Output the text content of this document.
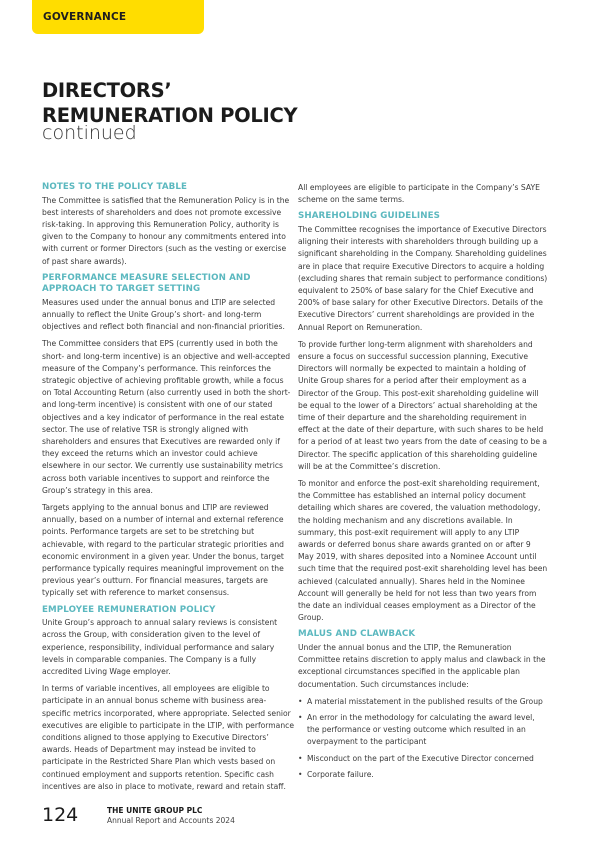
GOVERNANCE
DIRECTORS’
REMUNERATION POLICY
continued
NOTES TO THE POLICY TABLE

The Committee is satisfied that the Remuneration Policy is in the best interests of shareholders and does not promote excessive risk-taking. In approving this Remuneration Policy, authority is given to the Company to honour any commitments entered into with current or former Directors (such as the vesting or exercise of past share awards).

PERFORMANCE MEASURE SELECTION AND APPROACH TO TARGET SETTING

Measures used under the annual bonus and LTIP are selected annually to reflect the Unite Group’s short- and long-term objectives and reflect both financial and non-financial priorities.

The Committee considers that EPS (currently used in both the short- and long-term incentive) is an objective and well-accepted measure of the Company’s performance. This reinforces the strategic objective of achieving profitable growth, while a focus on Total Accounting Return (also currently used in both the short- and long-term incentive) is consistent with one of our stated objectives and a key indicator of performance in the real estate sector. The use of relative TSR is strongly aligned with shareholders and ensures that Executives are rewarded only if they exceed the returns which an investor could achieve elsewhere in our sector. We currently use sustainability metrics across both variable incentives to support and reinforce the Group’s strategy in this area.

Targets applying to the annual bonus and LTIP are reviewed annually, based on a number of internal and external reference points. Performance targets are set to be stretching but achievable, with regard to the particular strategic priorities and economic environment in a given year. Under the bonus, target performance typically requires meaningful improvement on the previous year’s outturn. For financial measures, targets are typically set with reference to market consensus.

EMPLOYEE REMUNERATION POLICY

Unite Group’s approach to annual salary reviews is consistent across the Group, with consideration given to the level of experience, responsibility, individual performance and salary levels in comparable companies. The Company is a fully accredited Living Wage employer.

In terms of variable incentives, all employees are eligible to participate in an annual bonus scheme with business area-specific metrics incorporated, where appropriate. Selected senior executives are eligible to participate in the LTIP, with performance conditions aligned to those applying to Executive Directors’ awards. Heads of Department may instead be invited to participate in the Restricted Share Plan which vests based on continued employment and supports retention. Specific cash incentives are also in place to motivate, reward and retain staff.

All employees are eligible to participate in the Company’s SAYE scheme on the same terms.

SHAREHOLDING GUIDELINES

The Committee recognises the importance of Executive Directors aligning their interests with shareholders through building up a significant shareholding in the Company. Shareholding guidelines are in place that require Executive Directors to acquire a holding (excluding shares that remain subject to performance conditions) equivalent to 250% of base salary for the Chief Executive and 200% of base salary for other Executive Directors. Details of the Executive Directors’ current shareholdings are provided in the Annual Report on Remuneration.

To provide further long-term alignment with shareholders and ensure a focus on successful succession planning, Executive Directors will normally be expected to maintain a holding of Unite Group shares for a period after their employment as a Director of the Group. This post-exit shareholding guideline will be equal to the lower of a Directors’ actual shareholding at the time of their departure and the shareholding requirement in effect at the date of their departure, with such shares to be held for a period of at least two years from the date of ceasing to be a Director. The specific application of this shareholding guideline will be at the Committee’s discretion.

To monitor and enforce the post-exit shareholding requirement, the Committee has established an internal policy document detailing which shares are covered, the valuation methodology, the holding mechanism and any discretions available. In summary, this post-exit requirement will apply to any LTIP awards or deferred bonus share awards granted on or after 9 May 2019, with shares deposited into a Nominee Account until such time that the required post-exit shareholding level has been achieved (calculated annually). Shares held in the Nominee Account will generally be held for not less than two years from the date an individual ceases employment as a Director of the Group.

MALUS AND CLAWBACK

Under the annual bonus and the LTIP, the Remuneration Committee retains discretion to apply malus and clawback in the exceptional circumstances specified in the applicable plan documentation. Such circumstances include:

• A material misstatement in the published results of the Group
• An error in the methodology for calculating the award level, the performance or vesting outcome which resulted in an overpayment to the participant
• Misconduct on the part of the Executive Director concerned
• Corporate failure.
124	THE UNITE GROUP PLC
Annual Report and Accounts 2024
